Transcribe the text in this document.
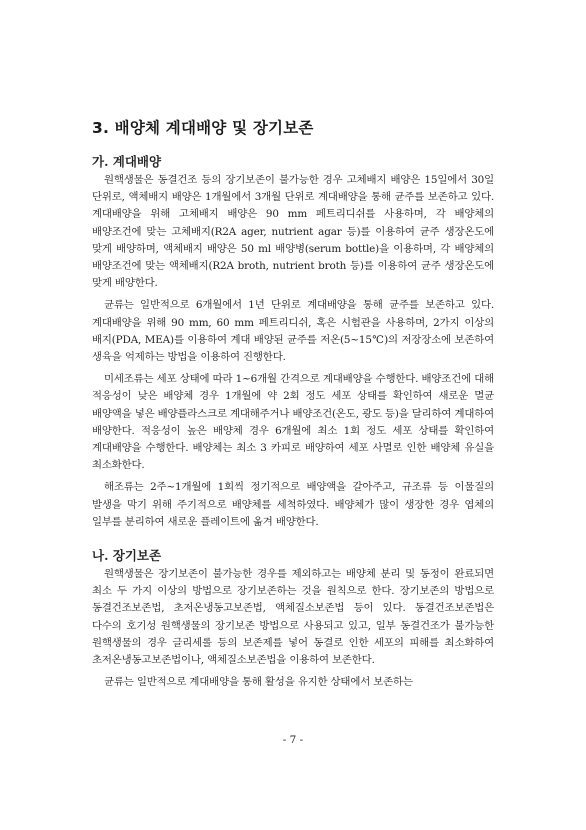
3. 배양체 계대배양 및 장기보존
가. 계대배양

원핵생물은 동결건조 등의 장기보존이 불가능한 경우 고체배지 배양은 15일에서 30일 단위로, 액체배지 배양은 1개월에서 3개월 단위로 계대배양을 통해 균주를 보존하고 있다. 계대배양을 위해 고체배지 배양은 90 mm 페트리디쉬를 사용하며, 각 배양체의 배양조건에 맞는 고체배지(R2A ager, nutrient agar 등)를 이용하여 균주 생장온도에 맞게 배양하며, 액체배지 배양은 50 ml 배양병(serum bottle)을 이용하며, 각 배양체의 배양조건에 맞는 액체배지(R2A broth, nutrient broth 등)를 이용하여 균주 생장온도에 맞게 배양한다.

균류는 일반적으로 6개월에서 1년 단위로 계대배양을 통해 균주를 보존하고 있다. 계대배양을 위해 90 mm, 60 mm 페트리디쉬, 혹은 시험관을 사용하며, 2가지 이상의 배지(PDA, MEA)를 이용하여 계대 배양된 균주를 저온(5~15℃)의 저장장소에 보존하여 생육을 억제하는 방법을 이용하여 진행한다.

미세조류는 세포 상태에 따라 1~6개월 간격으로 계대배양을 수행한다. 배양조건에 대해 적응성이 낮은 배양체 경우 1개월에 약 2회 정도 세포 상태를 확인하여 새로운 멸균 배양액을 넣은 배양플라스크로 계대해주거나 배양조건(온도, 광도 등)을 달리하여 계대하여 배양한다. 적응성이 높은 배양체 경우 6개월에 최소 1회 정도 세포 상태를 확인하여 계대배양을 수행한다. 배양체는 최소 3 카피로 배양하여 세포 사멸로 인한 배양체 유실을 최소화한다.

해조류는 2주~1개월에 1회씩 정기적으로 배양액을 갈아주고, 규조류 등 이물질의 발생을 막기 위해 주기적으로 배양체를 세척하였다. 배양체가 많이 생장한 경우 엽체의 일부를 분리하여 새로운 플레이트에 옮겨 배양한다.

나. 장기보존

원핵생물은 장기보존이 불가능한 경우를 제외하고는 배양체 분리 및 동정이 완료되면 최소 두 가지 이상의 방법으로 장기보존하는 것을 원칙으로 한다. 장기보존의 방법으로 동결건조보존법, 초저온냉동고보존법, 액체질소보존법 등이 있다. 동결건조보존법은 다수의 호기성 원핵생물의 장기보존 방법으로 사용되고 있고, 일부 동결건조가 불가능한 원핵생물의 경우 글리세롤 등의 보존제를 넣어 동결로 인한 세포의 피해를 최소화하여 초저온냉동고보존법이나, 액체질소보존법을 이용하여 보존한다.

균류는 일반적으로 계대배양을 통해 활성을 유지한 상태에서 보존하는

- 7 -
